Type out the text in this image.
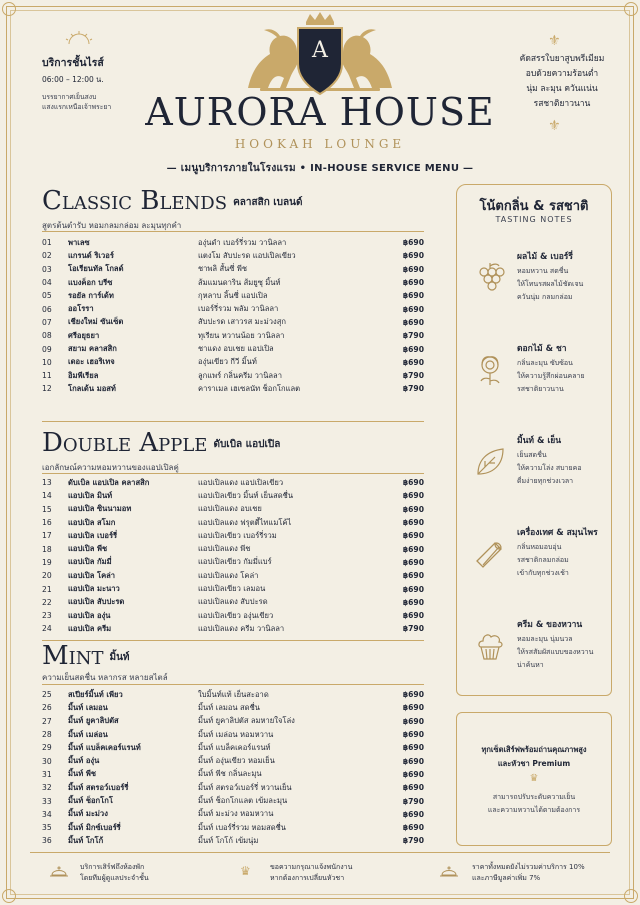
บริการชั้นไรส์
06:00 – 12:00 น.
บรรยากาศเย็นสงบ
แสงแรกเหนือเจ้าพระยา
⚜
คัดสรรใบยาสูบพรีเมียม
อบด้วยความร้อนต่ำ
นุ่ม ละมุน ควันแน่น
รสชาติยาวนาน
⚜
A
AURORA HOUSE
HOOKAH LOUNGE
— เมนูบริการภายในโรงแรม • IN-HOUSE SERVICE MENU —
Classic Blends คลาสสิก เบลนด์
สูตรต้นตำรับ หอมกลมกล่อม ละมุนทุกคำ
01	พาเลซ	องุ่นดำ เบอร์รี่รวม วานิลลา	฿690
02	แกรนด์ ริเวอร์	แตงโม สับปะรด แอปเปิลเขียว	฿690
03	โอเรียนทัล โกลด์	ชาพลิ สั้นซี่ พีช	฿690
04	แบงค็อก บรีซ	ส้มแมนดาริน ส้มยูซุ มิ้นท์	฿690
05	รอยัล การ์เด้ท	กุหลาบ ลิ้นซี่ แอปเปิล	฿690
06	ออโรรา	เบอร์รี่รวม พลัม วานิลลา	฿690
07	เชียงใหม่ ซันเซ็ต	สับปะรด เสาวรส มะม่วงสุก	฿690
08	ศรีอยุธยา	ทุเรียน หวานน้อย วานิลลา	฿790
09	สยาม คลาสสิก	ชาแดง อบเชย แอปเปิล	฿690
10	เดอะ เฮอริเทจ	องุ่นเขียว กีวี มิ้นท์	฿690
11	อิมพีเรียล	ลูกแพร์ กลิ่นครีม วานิลลา	฿790
12	โกลเด้น มอสท์	คาราเมล เฮเซลนัท ช็อกโกแลต	฿790
Double Apple ดับเบิล แอปเปิล
เอกลักษณ์ความหอมหวานของแอปเปิลคู่
13	ดับเบิล แอปเปิล คลาสสิก	แอปเปิลแดง แอปเปิลเขียว	฿690
14	แอปเปิล มินท์	แอปเปิลเขียว มิ้นท์ เย็นสดชื่น	฿690
15	แอปเปิล ซินนามอท	แอปเปิลแดง อบเชย	฿690
16	แอปเปิล สโมก	แอปเปิลแดง ฟรุตตี้ไทแมโค้ไ	฿690
17	แอปเปิล เบอร์รี่	แอปเปิลเขียว เบอร์รี่รวม	฿690
18	แอปเปิล พีช	แอปเปิลแดง พีช	฿690
19	แอปเปิล กัมมี่	แอปเปิลเขียว กัมมี่แบร์	฿690
20	แอปเปิล โคล่า	แอปเปิลแดง โคล่า	฿690
21	แอปเปิล มะนาว	แอปเปิลเขียว เลมอน	฿690
22	แอปเปิล สับปะรด	แอปเปิลแดง สับปะรด	฿690
23	แอปเปิล องุ่น	แอปเปิลเขียว องุ่นเขียว	฿690
24	แอปเปิล ครีม	แอปเปิลแดง ครีม วานิลลา	฿790
Mint มิ้นท์
ความเย็นสดชื่น หลากรส หลายสไตล์
25	สเปียร์มิ้นท์ เพียว	ใบมิ้นท์แท้ เย็นสะอาด	฿690
26	มิ้นท์ เลมอน	มิ้นท์ เลมอน สดชื่น	฿690
27	มิ้นท์ ยูคาลิปตัส	มิ้นท์ ยูคาลิปตัส ลมหายใจโล่ง	฿690
28	มิ้นท์ เมล่อน	มิ้นท์ เมล่อน หอมหวาน	฿690
29	มิ้นท์ แบล็คเคอร์แรนท์	มิ้นท์ แบล็คเคอร์แรนท์	฿690
30	มิ้นท์ องุ่น	มิ้นท์ องุ่นเขียว หอมเย็น	฿690
31	มิ้นท์ พีช	มิ้นท์ พีช กลิ่นละมุน	฿690
32	มิ้นท์ สตรอว์เบอร์รี่	มิ้นท์ สตรอว์เบอร์รี่ หวานเย็น	฿690
33	มิ้นท์ ช็อกโกโ	มิ้นท์ ช็อกโกแลต เข้มละมุน	฿790
34	มิ้นท์ มะม่วง	มิ้นท์ มะม่วง หอมหวาน	฿690
35	มิ้นท์ มิกซ์เบอร์รี่	มิ้นท์ เบอร์รี่รวม หอมสดชื่น	฿690
36	มิ้นท์ โกโก้	มิ้นท์ โกโก้ เข้มนุ่ม	฿790
โน้ตกลิ่น & รสชาติ
TASTING NOTES
ผลไม้ & เบอร์รี่
หอมหวาน สดชื่น
ให้โทนรสผลไม้ชัดเจน
ควันนุ่ม กลมกล่อม
ดอกไม้ & ชา
กลิ่นละมุน ซับซ้อน
ให้ความรู้สึกผ่อนคลาย
รสชาติยาวนาน
มิ้นท์ & เย็น
เย็นสดชื่น
ให้ความโล่ง สบายคอ
ดื่มง่ายทุกช่วงเวลา
เครื่องเทศ & สมุนไพร
กลิ่นหอมอบอุ่น
รสชาติกลมกล่อม
เข้ากับทุกช่วงเช้า
ครีม & ของหวาน
หอมละมุน นุ่มนวล
ให้รสสัมผัสแบบของหวาน
น่าค้นหา
ทุกเซ็ตเสิร์ฟพร้อมถ่านคุณภาพสูง
และหัวชา Premium
♛
สามารถปรับระดับความเย็น
และความหวานได้ตามต้องการ
บริการเสิร์ฟถึงห้องพัก
โดยทีมผู้ดูแลประจำชั้น	♛	ขอความกรุณาแจ้งพนักงาน
หากต้องการเปลี่ยนหัวชา
ราคาทั้งหมดยังไม่รวมค่าบริการ 10%
และภาษีมูลค่าเพิ่ม 7%
